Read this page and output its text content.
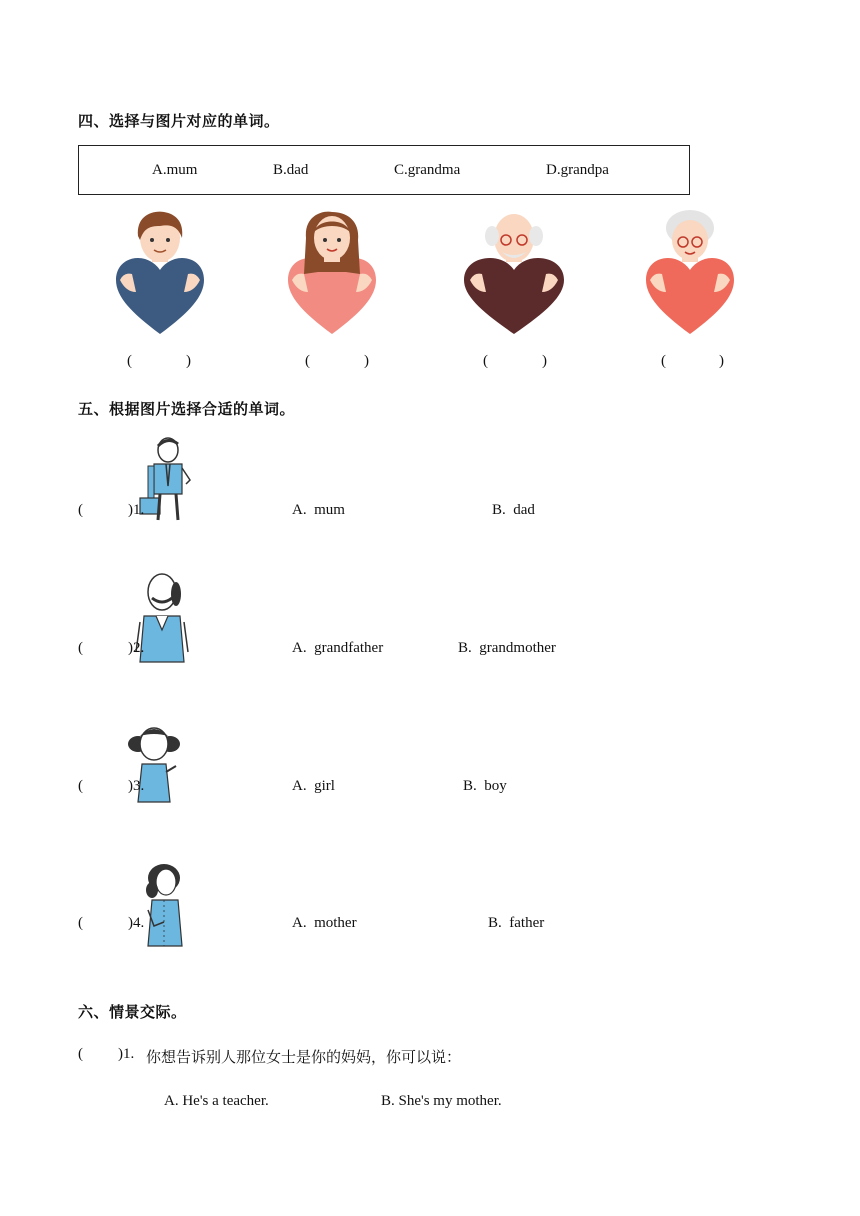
四、选择与图片对应的单词。
A.mum	B.dad	C.grandma	D.grandpa
(	)	(	)	(	)	(	)
五、根据图片选择合适的单词。
(	)1.	A.  mum	B.  dad
(	)2.	A.  grandfather	B.  grandmother
(	)3.	A.  girl	B.  boy
(	)4.	A.  mother	B.  father
六、情景交际。
( )1. 你想告诉别人那位女士是你的妈妈，你可以说：
A. He's a teacher.	B. She's my mother.
